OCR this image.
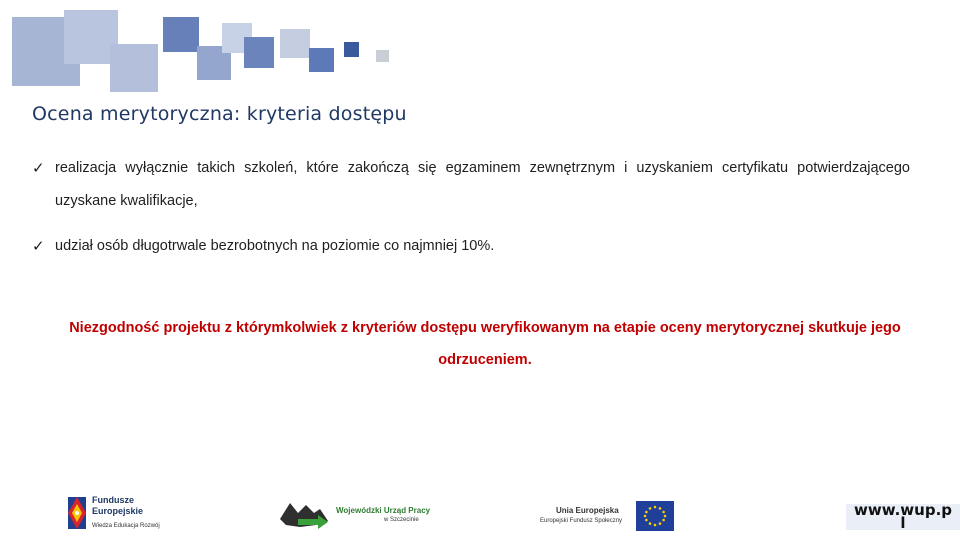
Ocena merytoryczna: kryteria dostępu
✓ realizacja wyłącznie takich szkoleń, które zakończą się egzaminem zewnętrznym i uzyskaniem certyfikatu potwierdzającego uzyskane kwalifikacje,
✓ udział osób długotrwale bezrobotnych na poziomie co najmniej 10%.
Niezgodność projektu z którymkolwiek z kryteriów dostępu weryfikowanym na etapie oceny merytorycznej skutkuje jego odrzuceniem.
Fundusze
Europejskie
Wiedza Edukacja Rozwój
Wojewódzki Urząd Pracy
w Szczecinie
Unia Europejska
Europejski Fundusz Społeczny
www.wup.p
l
